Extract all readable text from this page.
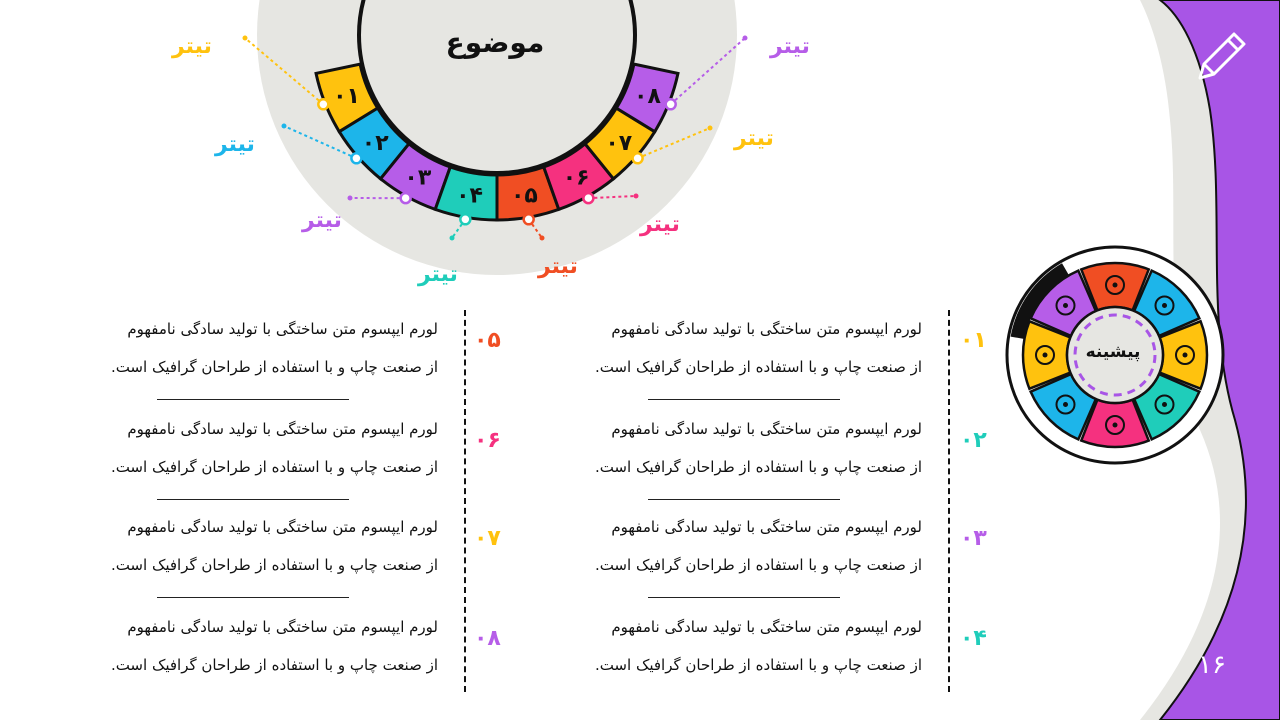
۱۶
۰۱
۰۲
۰۳
۰۴ ۰۵
۰۶
۰۷
۰۸
موضوع
تیتر
تیتر
تیتر
تیتر	تیتر
تیتر
تیتر
تیتر
پیشینه
۰۱
لورم ایپسوم متن ساختگی با تولید سادگی نامفهوم
از صنعت چاپ و با استفاده از طراحان گرافیک است.
۰۲
لورم ایپسوم متن ساختگی با تولید سادگی نامفهوم
از صنعت چاپ و با استفاده از طراحان گرافیک است.
۰۳
لورم ایپسوم متن ساختگی با تولید سادگی نامفهوم
از صنعت چاپ و با استفاده از طراحان گرافیک است.
۰۴
لورم ایپسوم متن ساختگی با تولید سادگی نامفهوم
از صنعت چاپ و با استفاده از طراحان گرافیک است.
۰۵
لورم ایپسوم متن ساختگی با تولید سادگی نامفهوم
از صنعت چاپ و با استفاده از طراحان گرافیک است.
۰۶
لورم ایپسوم متن ساختگی با تولید سادگی نامفهوم
از صنعت چاپ و با استفاده از طراحان گرافیک است.
۰۷
لورم ایپسوم متن ساختگی با تولید سادگی نامفهوم
از صنعت چاپ و با استفاده از طراحان گرافیک است.
۰۸
لورم ایپسوم متن ساختگی با تولید سادگی نامفهوم
از صنعت چاپ و با استفاده از طراحان گرافیک است.
